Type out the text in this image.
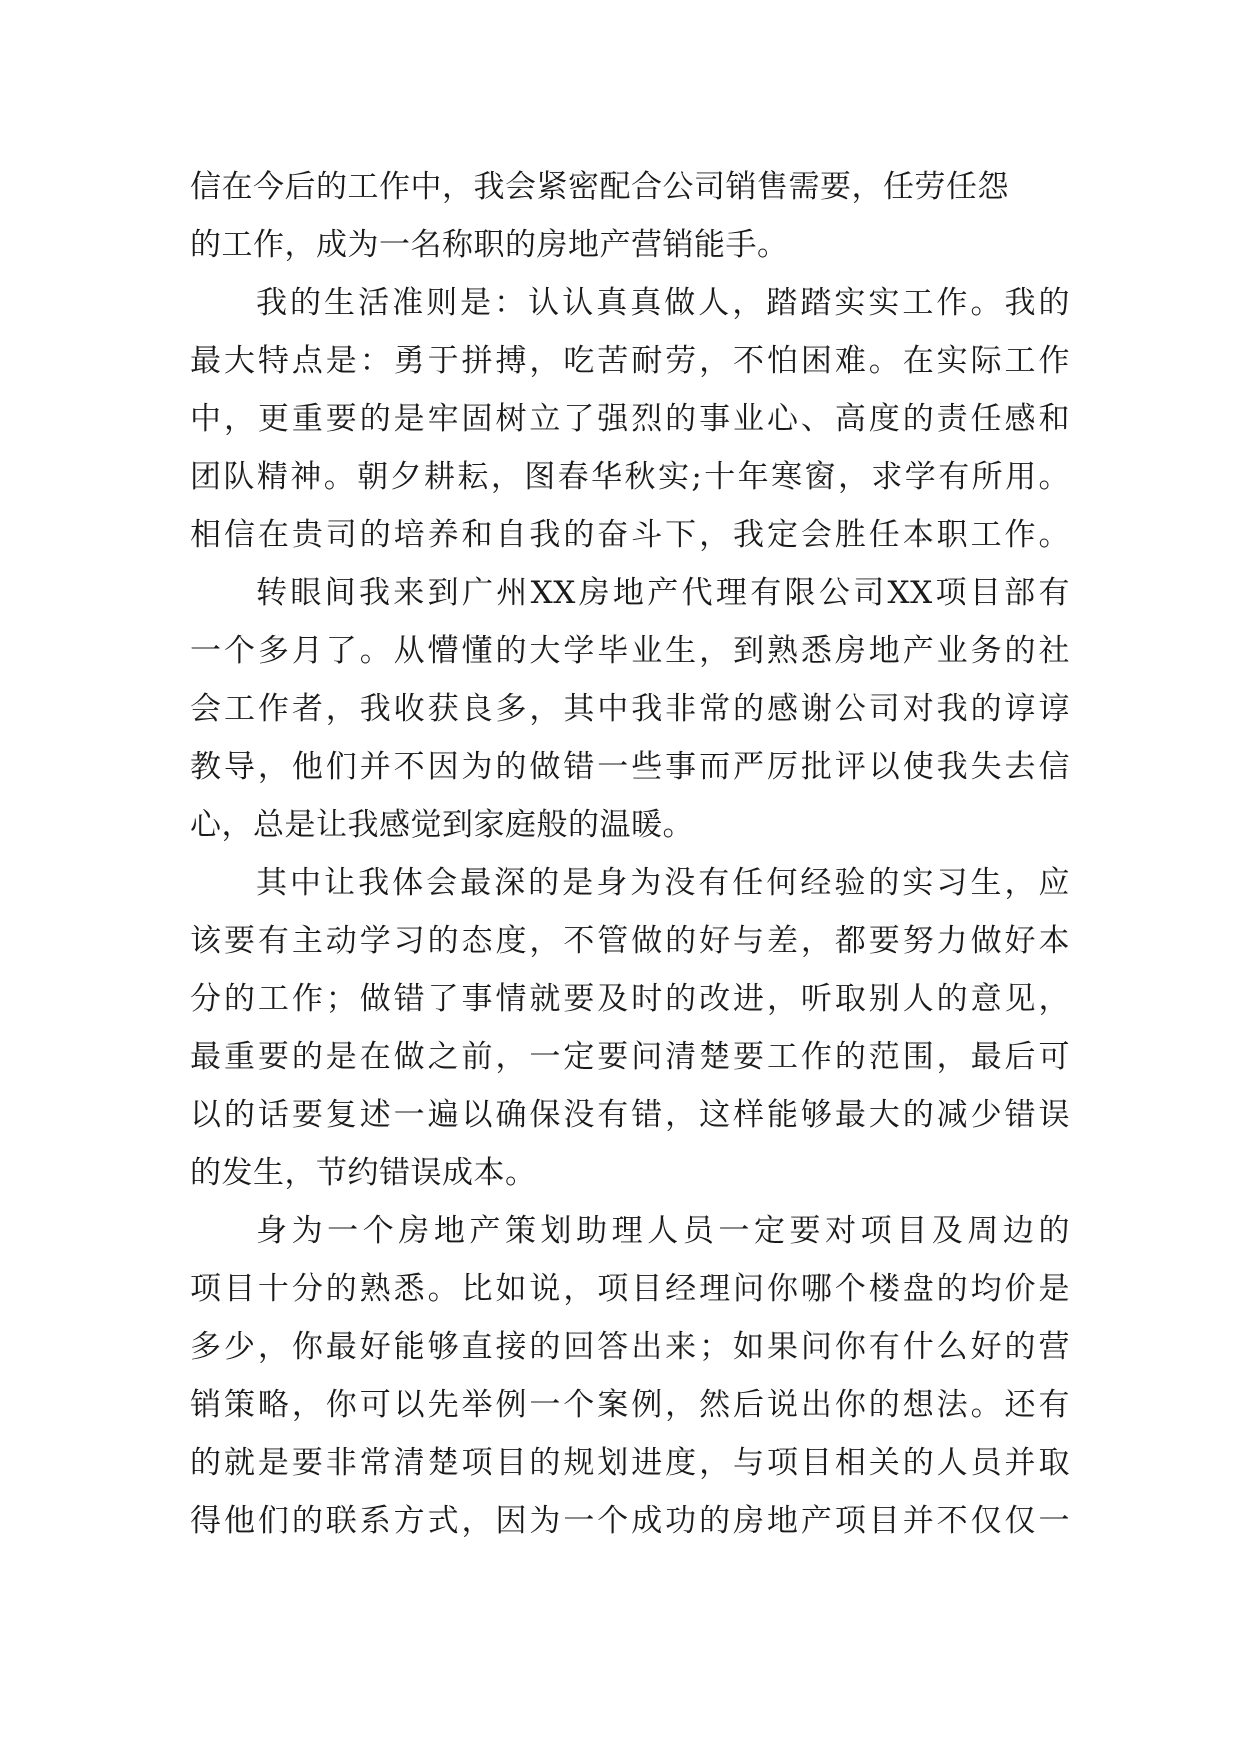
信在今后的工作中，我会紧密配合公司销售需要，任劳任怨
的工作，成为一名称职的房地产营销能手。
我的生活准则是：认认真真做人，踏踏实实工作。我的
最大特点是：勇于拼搏，吃苦耐劳，不怕困难。在实际工作
中，更重要的是牢固树立了强烈的事业心、高度的责任感和
团队精神。朝夕耕耘，图春华秋实;十年寒窗，求学有所用。
相信在贵司的培养和自我的奋斗下，我定会胜任本职工作。
转眼间我来到广州XX房地产代理有限公司XX项目部有
一个多月了。从懵懂的大学毕业生，到熟悉房地产业务的社
会工作者，我收获良多，其中我非常的感谢公司对我的谆谆
教导，他们并不因为的做错一些事而严厉批评以使我失去信
心，总是让我感觉到家庭般的温暖。
其中让我体会最深的是身为没有任何经验的实习生，应
该要有主动学习的态度，不管做的好与差，都要努力做好本
分的工作；做错了事情就要及时的改进，听取别人的意见，
最重要的是在做之前，一定要问清楚要工作的范围，最后可
以的话要复述一遍以确保没有错，这样能够最大的减少错误
的发生，节约错误成本。
身为一个房地产策划助理人员一定要对项目及周边的
项目十分的熟悉。比如说，项目经理问你哪个楼盘的均价是
多少，你最好能够直接的回答出来；如果问你有什么好的营
销策略，你可以先举例一个案例，然后说出你的想法。还有
的就是要非常清楚项目的规划进度，与项目相关的人员并取
得他们的联系方式，因为一个成功的房地产项目并不仅仅一
